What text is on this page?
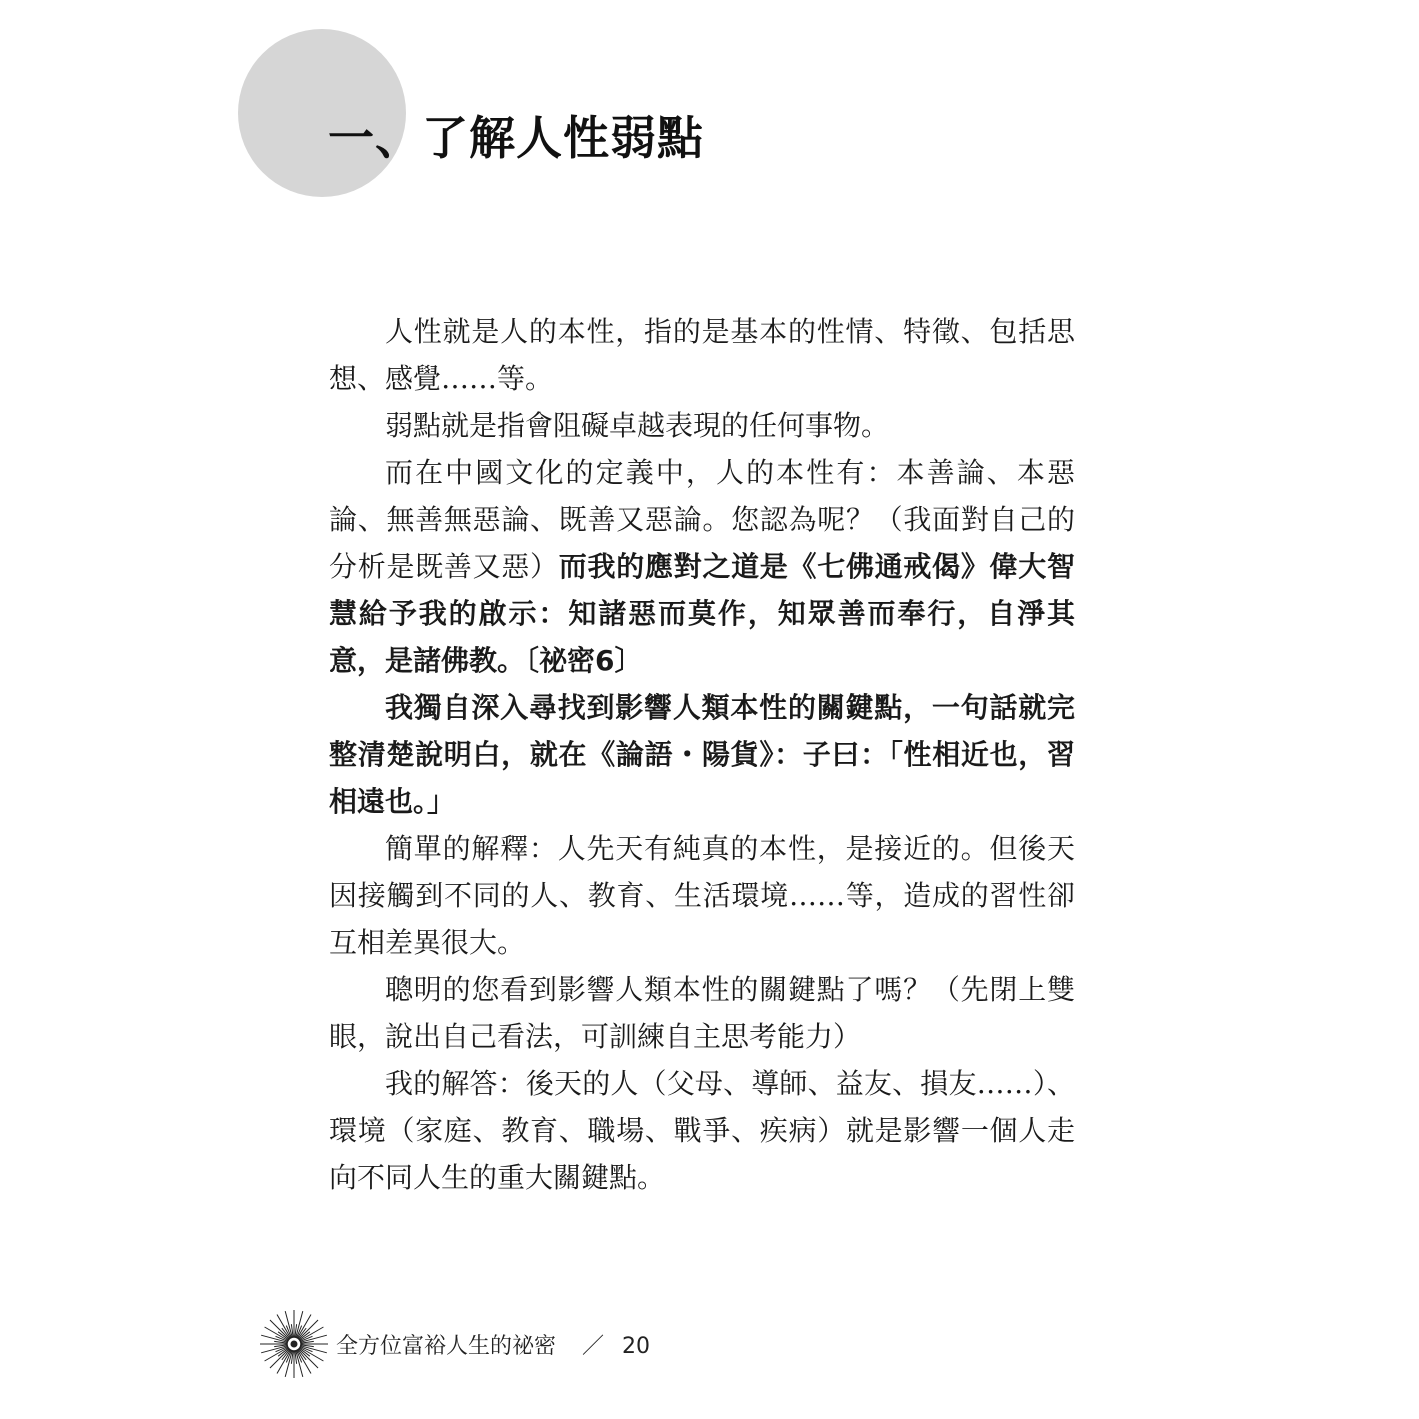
一、了解人性弱點

人性就是人的本性，指的是基本的性情、特徵、包括思想、感覺……等。

弱點就是指會阻礙卓越表現的任何事物。

而在中國文化的定義中，人的本性有：本善論、本惡論、無善無惡論、既善又惡論。您認為呢？（我面對自己的分析是既善又惡）而我的應對之道是《七佛通戒偈》偉大智慧給予我的啟示：知諸惡而莫作，知眾善而奉行，自淨其意，是諸佛教。〔祕密6〕

我獨自深入尋找到影響人類本性的關鍵點，一句話就完整清楚說明白，就在《論語・陽貨》：子曰：「性相近也，習相遠也。」

簡單的解釋：人先天有純真的本性，是接近的。但後天因接觸到不同的人、教育、生活環境……等，造成的習性卻互相差異很大。

聰明的您看到影響人類本性的關鍵點了嗎？（先閉上雙眼，說出自己看法，可訓練自主思考能力）

我的解答：後天的人（父母、導師、益友、損友……）、環境（家庭、教育、職場、戰爭、疾病）就是影響一個人走向不同人生的重大關鍵點。

全方位富裕人生的祕密 ／ 20
